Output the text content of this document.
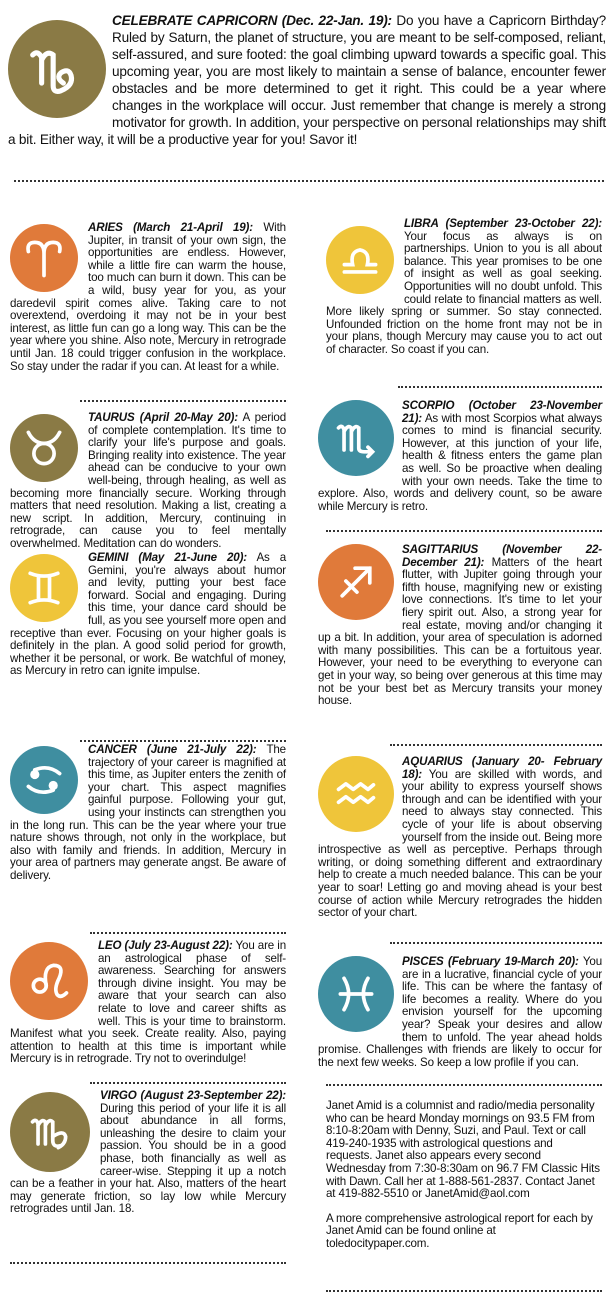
CELEBRATE CAPRICORN (Dec. 22-Jan. 19): Do you have a Capricorn Birthday? Ruled by Saturn, the planet of structure, you are meant to be self-composed, reliant, self-assured, and sure footed: the goal climbing upward towards a specific goal. This upcoming year, you are most likely to maintain a sense of balance, encounter fewer obstacles and be more determined to get it right. This could be a year where changes in the workplace will occur. Just remember that change is merely a strong motivator for growth. In addition, your perspective on personal relationships may shift a bit. Either way, it will be a productive year for you! Savor it!

ARIES (March 21-April 19): With Jupiter, in transit of your own sign, the opportunities are endless. However, while a little fire can warm the house, too much can burn it down. This can be a wild, busy year for you, as your daredevil spirit comes alive. Taking care to not overextend, overdoing it may not be in your best interest, as little fun can go a long way. This can be the year where you shine. Also note, Mercury in retrograde until Jan. 18 could trigger confusion in the workplace. So stay under the radar if you can. At least for a while.

TAURUS (April 20-May 20): A period of complete contemplation. It's time to clarify your life's purpose and goals. Bringing reality into existence. The year ahead can be conducive to your own well-being, through healing, as well as becoming more financially secure. Working through matters that need resolution. Making a list, creating a new script. In addition, Mercury, continuing in retrograde, can cause you to feel mentally overwhelmed. Meditation can do wonders.

GEMINI (May 21-June 20): As a Gemini, you're always about humor and levity, putting your best face forward. Social and engaging. During this time, your dance card should be full, as you see yourself more open and receptive than ever. Focusing on your higher goals is definitely in the plan. A good solid period for growth, whether it be personal, or work. Be watchful of money, as Mercury in retro can ignite impulse.

CANCER (June 21-July 22): The trajectory of your career is magnified at this time, as Jupiter enters the zenith of your chart. This aspect magnifies gainful purpose. Following your gut, using your instincts can strengthen you in the long run. This can be the year where your true nature shows through, not only in the workplace, but also with family and friends. In addition, Mercury in your area of partners may generate angst. Be aware of delivery.

LEO (July 23-August 22): You are in an astrological phase of self-awareness. Searching for answers through divine insight. You may be aware that your search can also relate to love and career shifts as well. This is your time to brainstorm. Manifest what you seek. Create reality. Also, paying attention to health at this time is important while Mercury is in retrograde. Try not to overindulge!

VIRGO (August 23-September 22): During this period of your life it is all about abundance in all forms, unleashing the desire to claim your passion. You should be in a good phase, both financially as well as career-wise. Stepping it up a notch can be a feather in your hat. Also, matters of the heart may generate friction, so lay low while Mercury retrogrades until Jan. 18.

LIBRA (September 23-October 22): Your focus as always is on partnerships. Union to you is all about balance. This year promises to be one of insight as well as goal seeking. Opportunities will no doubt unfold. This could relate to financial matters as well. More likely spring or summer. So stay connected. Unfounded friction on the home front may not be in your plans, though Mercury may cause you to act out of character. So coast if you can.

SCORPIO (October 23-November 21): As with most Scorpios what always comes to mind is financial security. However, at this junction of your life, health & fitness enters the game plan as well. So be proactive when dealing with your own needs. Take the time to explore. Also, words and delivery count, so be aware while Mercury is retro.

SAGITTARIUS (November 22-December 21): Matters of the heart flutter, with Jupiter going through your fifth house, magnifying new or existing love connections. It's time to let your fiery spirit out. Also, a strong year for real estate, moving and/or changing it up a bit. In addition, your area of speculation is adorned with many possibilities. This can be a fortuitous year. However, your need to be everything to everyone can get in your way, so being over generous at this time may not be your best bet as Mercury transits your money house.

AQUARIUS (January 20- February 18): You are skilled with words, and your ability to express yourself shows through and can be identified with your need to always stay connected. This cycle of your life is about observing yourself from the inside out. Being more introspective as well as perceptive. Perhaps through writing, or doing something different and extraordinary help to create a much needed balance. This can be your year to soar! Letting go and moving ahead is your best course of action while Mercury retrogrades the hidden sector of your chart.

PISCES (February 19-March 20): You are in a lucrative, financial cycle of your life. This can be where the fantasy of life becomes a reality. Where do you envision yourself for the upcoming year? Speak your desires and allow them to unfold. The year ahead holds promise. Challenges with friends are likely to occur for the next few weeks. So keep a low profile if you can.

Janet Amid is a columnist and radio/media personality who can be heard Monday mornings on 93.5 FM from 8:10-8:20am with Denny, Suzi, and Paul. Text or call 419-240-1935 with astrological questions and requests. Janet also appears every second Wednesday from 7:30-8:30am on 96.7 FM Classic Hits with Dawn. Call her at 1-888-561-2837. Contact Janet at 419-882-5510 or JanetAmid@aol.com

A more comprehensive astrological report for each by Janet Amid can be found online at toledocitypaper.com.
